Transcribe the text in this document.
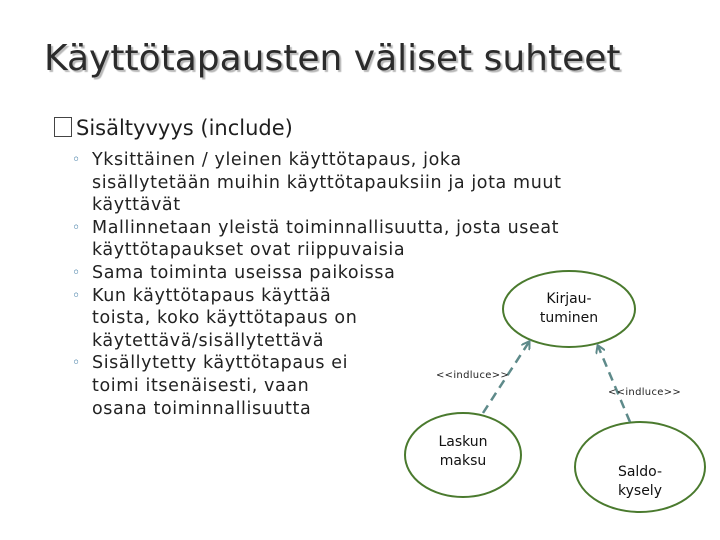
Käyttötapausten väliset suhteet
Sisältyvyys (include)
◦ Yksittäinen / yleinen käyttötapaus, joka
sisällytetään muihin käyttötapauksiin ja jota muut
käyttävät
◦ Mallinnetaan yleistä toiminnallisuutta, josta useat
käyttötapaukset ovat riippuvaisia
◦ Sama toiminta useissa paikoissa
◦ Kun käyttötapaus käyttää
toista, koko käyttötapaus on
käytettävä/sisällytettävä
◦ Sisällytetty käyttötapaus ei
toimi itsenäisesti, vaan
osana toiminnallisuutta
Kirjau-
tuminen
Laskun
maksu
Saldo-
kysely
<<indluce>>
<<indluce>>
